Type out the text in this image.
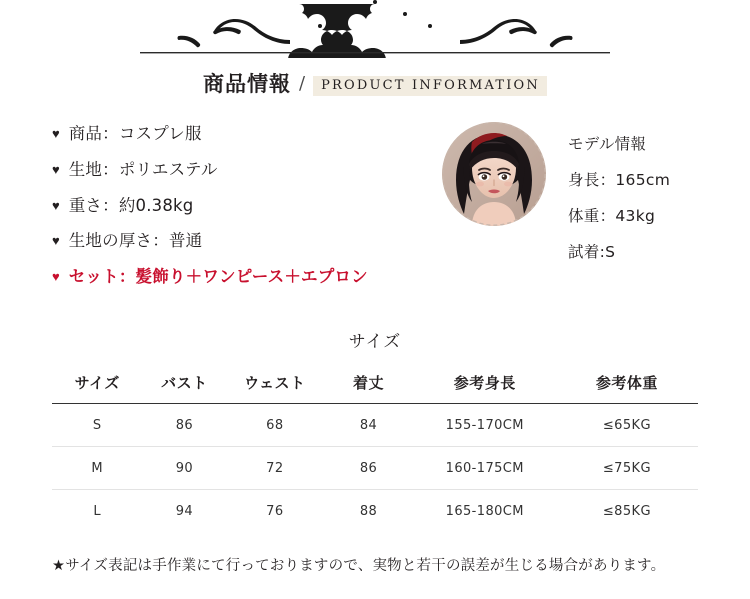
商品情報 /	PRODUCT INFORMATION
♥ 商品：コスプレ服
♥ 生地：ポリエステル
♥ 重さ：約0.38kg
♥ 生地の厚さ：普通
♥ セット：髪飾り＋ワンピース＋エプロン
モデル情報
身長：165cm
体重：43kg
試着:S
サイズ
サイズ	バスト	ウェスト	着丈	参考身長	参考体重
S	86	68	84	155-170CM	≤65KG
M	90	72	86	160-175CM	≤75KG
L	94	76	88	165-180CM	≤85KG
★サイズ表記は手作業にて行っておりますので、実物と若干の誤差が生じる場合があります。
